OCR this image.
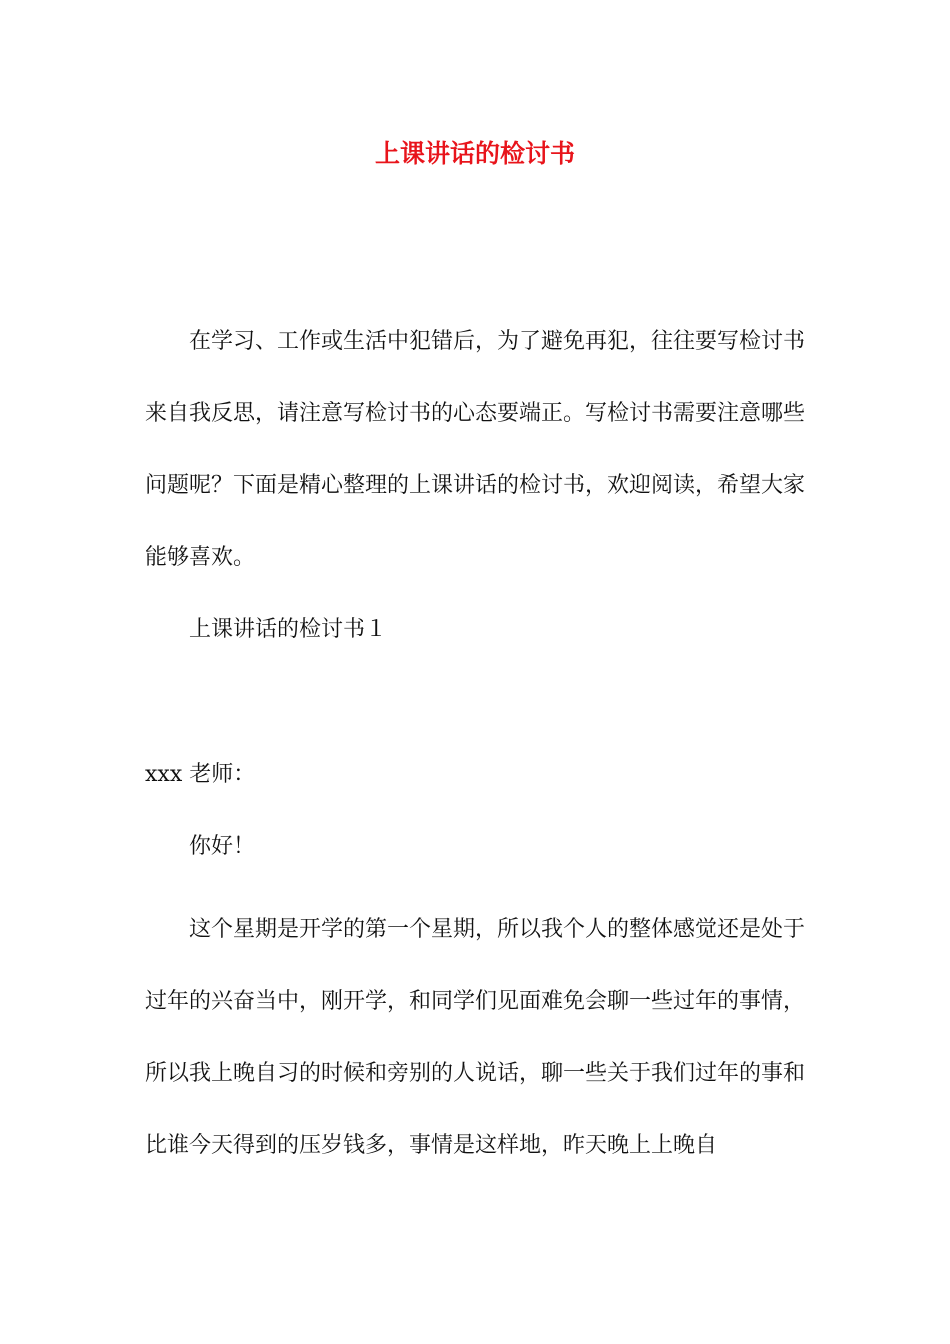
上课讲话的检讨书

在学习、工作或生活中犯错后，为了避免再犯，往往要写检讨书来自我反思，请注意写检讨书的心态要端正。写检讨书需要注意哪些问题呢？下面是精心整理的上课讲话的检讨书，欢迎阅读，希望大家能够喜欢。

上课讲话的检讨书１

xxx 老师：

你好！

这个星期是开学的第一个星期，所以我个人的整体感觉还是处于过年的兴奋当中，刚开学，和同学们见面难免会聊一些过年的事情，所以我上晚自习的时候和旁别的人说话，聊一些关于我们过年的事和比谁今天得到的压岁钱多，事情是这样地，昨天晚上上晚自
